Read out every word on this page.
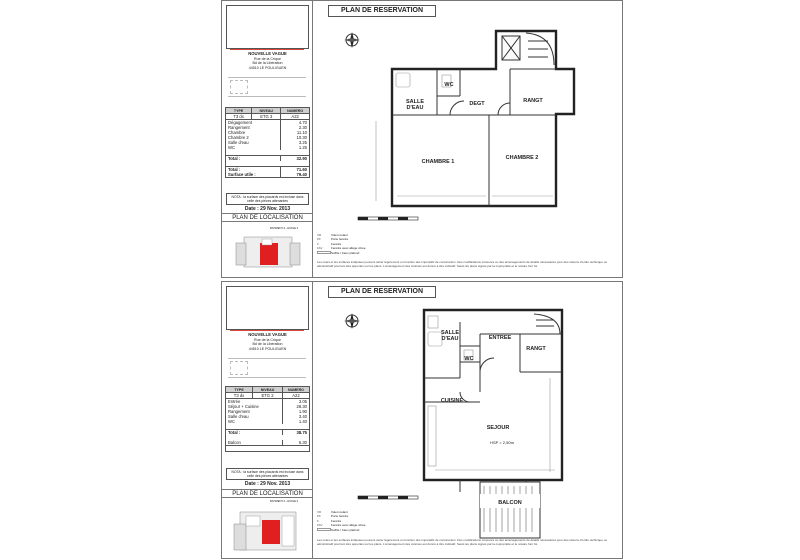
NOUVELLE VAGUE
Rue de la Crique
Bd de la Libération
44510 LE POULIGUEN
TYPE	NIVEAU	NUMERO
T3 dx	ETG 3	A22
Dégagement		4.70
Rangement		2.30
Chambre		11.10
Chambre 2		10.30
Salle d'eau		3.25
WC		1.25

Total :		32.90

Total :		71.60
Surface utile :		79.40
NOTA : la surface des placards est incluse dans celle des pièces attenantes
Date : 29 Nov. 2013
PLAN DE LOCALISATION
BATIMENT A - ETAGE 3
PLAN DE RESERVATION
WC
SALLE
D'EAU
DEGT	RANGT
CHAMBRE 1
CHAMBRE 2
VR	Volet roulant
PF	Porte fenêtre
F	Fenêtre
FAV	Fenêtre avec allège vitrée
Soffite / Faux plafond
Les cotes et les surfaces indiquées peuvent varier légèrement en fonction des impératifs de construction. Des modifications mineures ou des aménagements de détails nécessaires pour des raisons d'ordre technique ou administratif pourront être apportés sur les plans. L'aménagement des cuisines est donné à titre indicatif. Seuls les plans signés par la copropriété et le notaire font foi.
NOUVELLE VAGUE
Rue de la Crique
Bd de la Libération
44510 LE POULIGUEN
TYPE	NIVEAU	NUMERO
T3 dx	ETG 2	A22
Entrée		3.05
Séjour + Cuisine		28.30
Rangement		1.90
Salle d'eau		3.40
WC		1.40

Total :		38.75

Balcon		5.30

NOTA : la surface des placards est incluse dans celle des pièces attenantes
Date : 29 Nov. 2013
PLAN DE LOCALISATION
BATIMENT A - ETAGE 2
PLAN DE RESERVATION
SALLE
D'EAU	ENTREE
RANGT
WC
CUISINE
SEJOUR
HSP = 2,50m
BALCON
VR	Volet roulant
PF	Porte fenêtre
F	Fenêtre
FAV	Fenêtre avec allège vitrée
Soffite / Faux plafond
Les cotes et les surfaces indiquées peuvent varier légèrement en fonction des impératifs de construction. Des modifications mineures ou des aménagements de détails nécessaires pour des raisons d'ordre technique ou administratif pourront être apportés sur les plans. L'aménagement des cuisines est donné à titre indicatif. Seuls les plans signés par la copropriété et le notaire font foi.
